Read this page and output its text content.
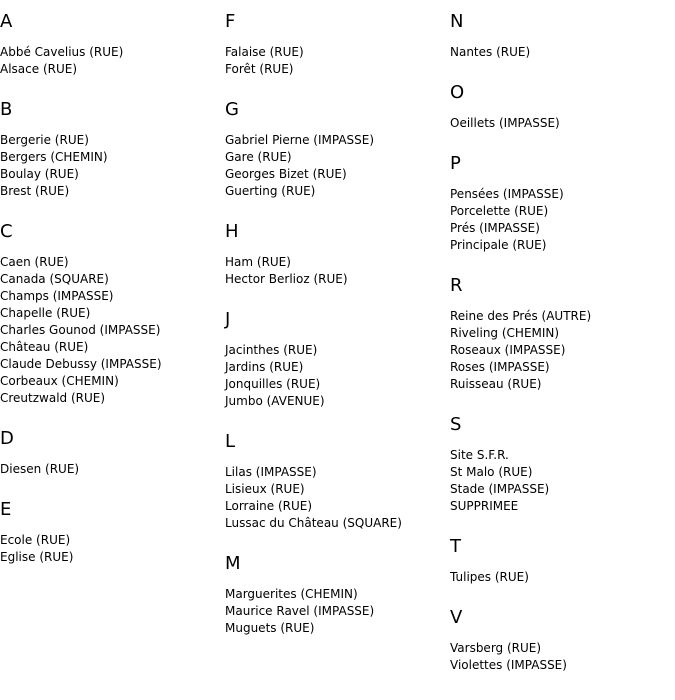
A
Abbé Cavelius (RUE)
Alsace (RUE)
B
Bergerie (RUE)
Bergers (CHEMIN)
Boulay (RUE)
Brest (RUE)
C
Caen (RUE)
Canada (SQUARE)
Champs (IMPASSE)
Chapelle (RUE)
Charles Gounod (IMPASSE)
Château (RUE)
Claude Debussy (IMPASSE)
Corbeaux (CHEMIN)
Creutzwald (RUE)
D
Diesen (RUE)
E
Ecole (RUE)
Eglise (RUE)
F
Falaise (RUE)
Forêt (RUE)
G
Gabriel Pierne (IMPASSE)
Gare (RUE)
Georges Bizet (RUE)
Guerting (RUE)
H
Ham (RUE)
Hector Berlioz (RUE)
J
Jacinthes (RUE)
Jardins (RUE)
Jonquilles (RUE)
Jumbo (AVENUE)
L
Lilas (IMPASSE)
Lisieux (RUE)
Lorraine (RUE)
Lussac du Château (SQUARE)
M
Marguerites (CHEMIN)
Maurice Ravel (IMPASSE)
Muguets (RUE)
N
Nantes (RUE)
O
Oeillets (IMPASSE)
P
Pensées (IMPASSE)
Porcelette (RUE)
Prés (IMPASSE)
Principale (RUE)
R
Reine des Prés (AUTRE)
Riveling (CHEMIN)
Roseaux (IMPASSE)
Roses (IMPASSE)
Ruisseau (RUE)
S
Site S.F.R.
St Malo (RUE)
Stade (IMPASSE)
SUPPRIMEE
T
Tulipes (RUE)
V
Varsberg (RUE)
Violettes (IMPASSE)
